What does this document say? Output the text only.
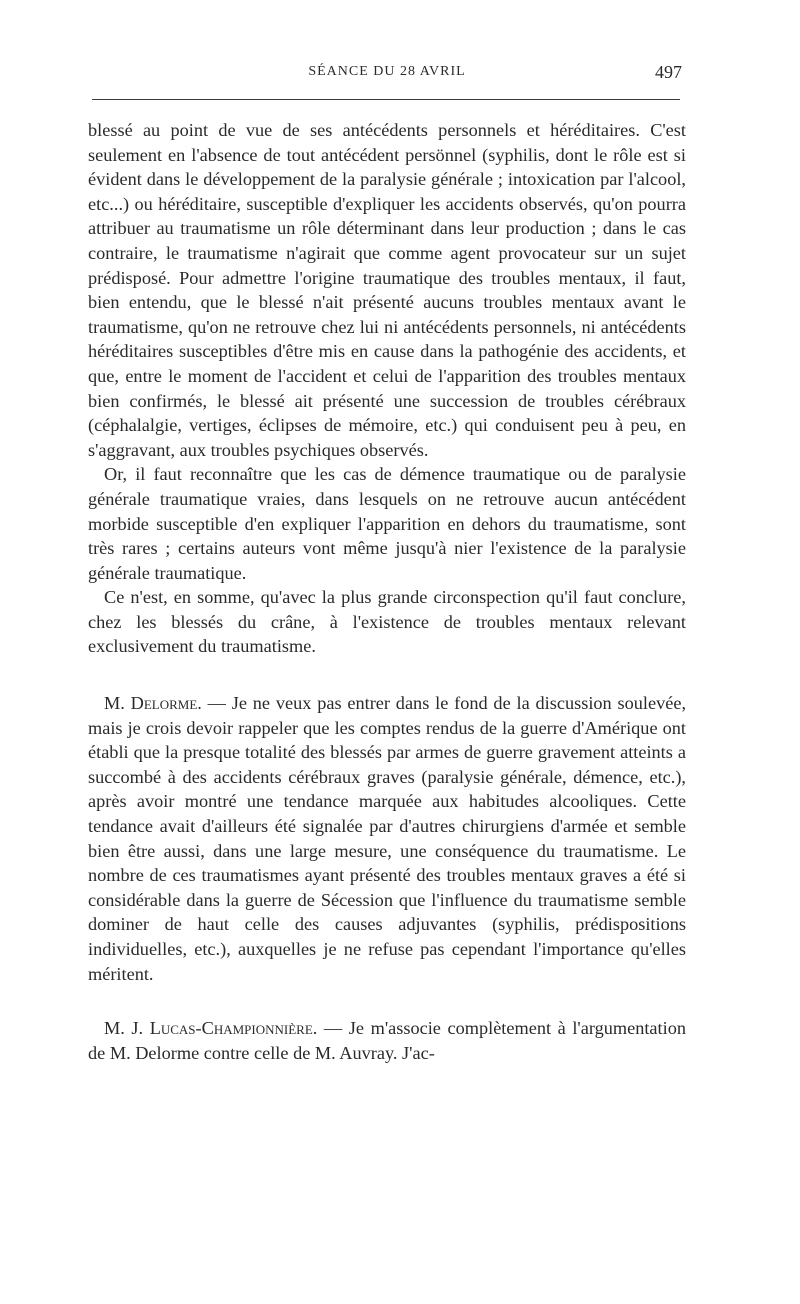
SÉANCE DU 28 AVRIL	497

blessé au point de vue de ses antécédents personnels et héréditaires. C'est seulement en l'absence de tout antécédent persönnel (syphilis, dont le rôle est si évident dans le développement de la paralysie générale ; intoxication par l'alcool, etc...) ou héréditaire, susceptible d'expliquer les accidents observés, qu'on pourra attribuer au traumatisme un rôle déterminant dans leur production ; dans le cas contraire, le traumatisme n'agirait que comme agent provocateur sur un sujet prédisposé. Pour admettre l'origine traumatique des troubles mentaux, il faut, bien entendu, que le blessé n'ait présenté aucuns troubles mentaux avant le traumatisme, qu'on ne retrouve chez lui ni antécédents personnels, ni antécédents héréditaires susceptibles d'être mis en cause dans la pathogénie des accidents, et que, entre le moment de l'accident et celui de l'apparition des troubles mentaux bien confirmés, le blessé ait présenté une succession de troubles cérébraux (céphalalgie, vertiges, éclipses de mémoire, etc.) qui conduisent peu à peu, en s'aggravant, aux troubles psychiques observés.

Or, il faut reconnaître que les cas de démence traumatique ou de paralysie générale traumatique vraies, dans lesquels on ne retrouve aucun antécédent morbide susceptible d'en expliquer l'apparition en dehors du traumatisme, sont très rares ; certains auteurs vont même jusqu'à nier l'existence de la paralysie générale traumatique.

Ce n'est, en somme, qu'avec la plus grande circonspection qu'il faut conclure, chez les blessés du crâne, à l'existence de troubles mentaux relevant exclusivement du traumatisme.

M. Delorme. — Je ne veux pas entrer dans le fond de la discussion soulevée, mais je crois devoir rappeler que les comptes rendus de la guerre d'Amérique ont établi que la presque totalité des blessés par armes de guerre gravement atteints a succombé à des accidents cérébraux graves (paralysie générale, démence, etc.), après avoir montré une tendance marquée aux habitudes alcooliques. Cette tendance avait d'ailleurs été signalée par d'autres chirurgiens d'armée et semble bien être aussi, dans une large mesure, une conséquence du traumatisme. Le nombre de ces traumatismes ayant présenté des troubles mentaux graves a été si considérable dans la guerre de Sécession que l'influence du traumatisme semble dominer de haut celle des causes adjuvantes (syphilis, prédispositions individuelles, etc.), auxquelles je ne refuse pas cependant l'importance qu'elles méritent.

M. J. Lucas-Championnière. — Je m'associe complètement à l'argumentation de M. Delorme contre celle de M. Auvray. J'ac-
